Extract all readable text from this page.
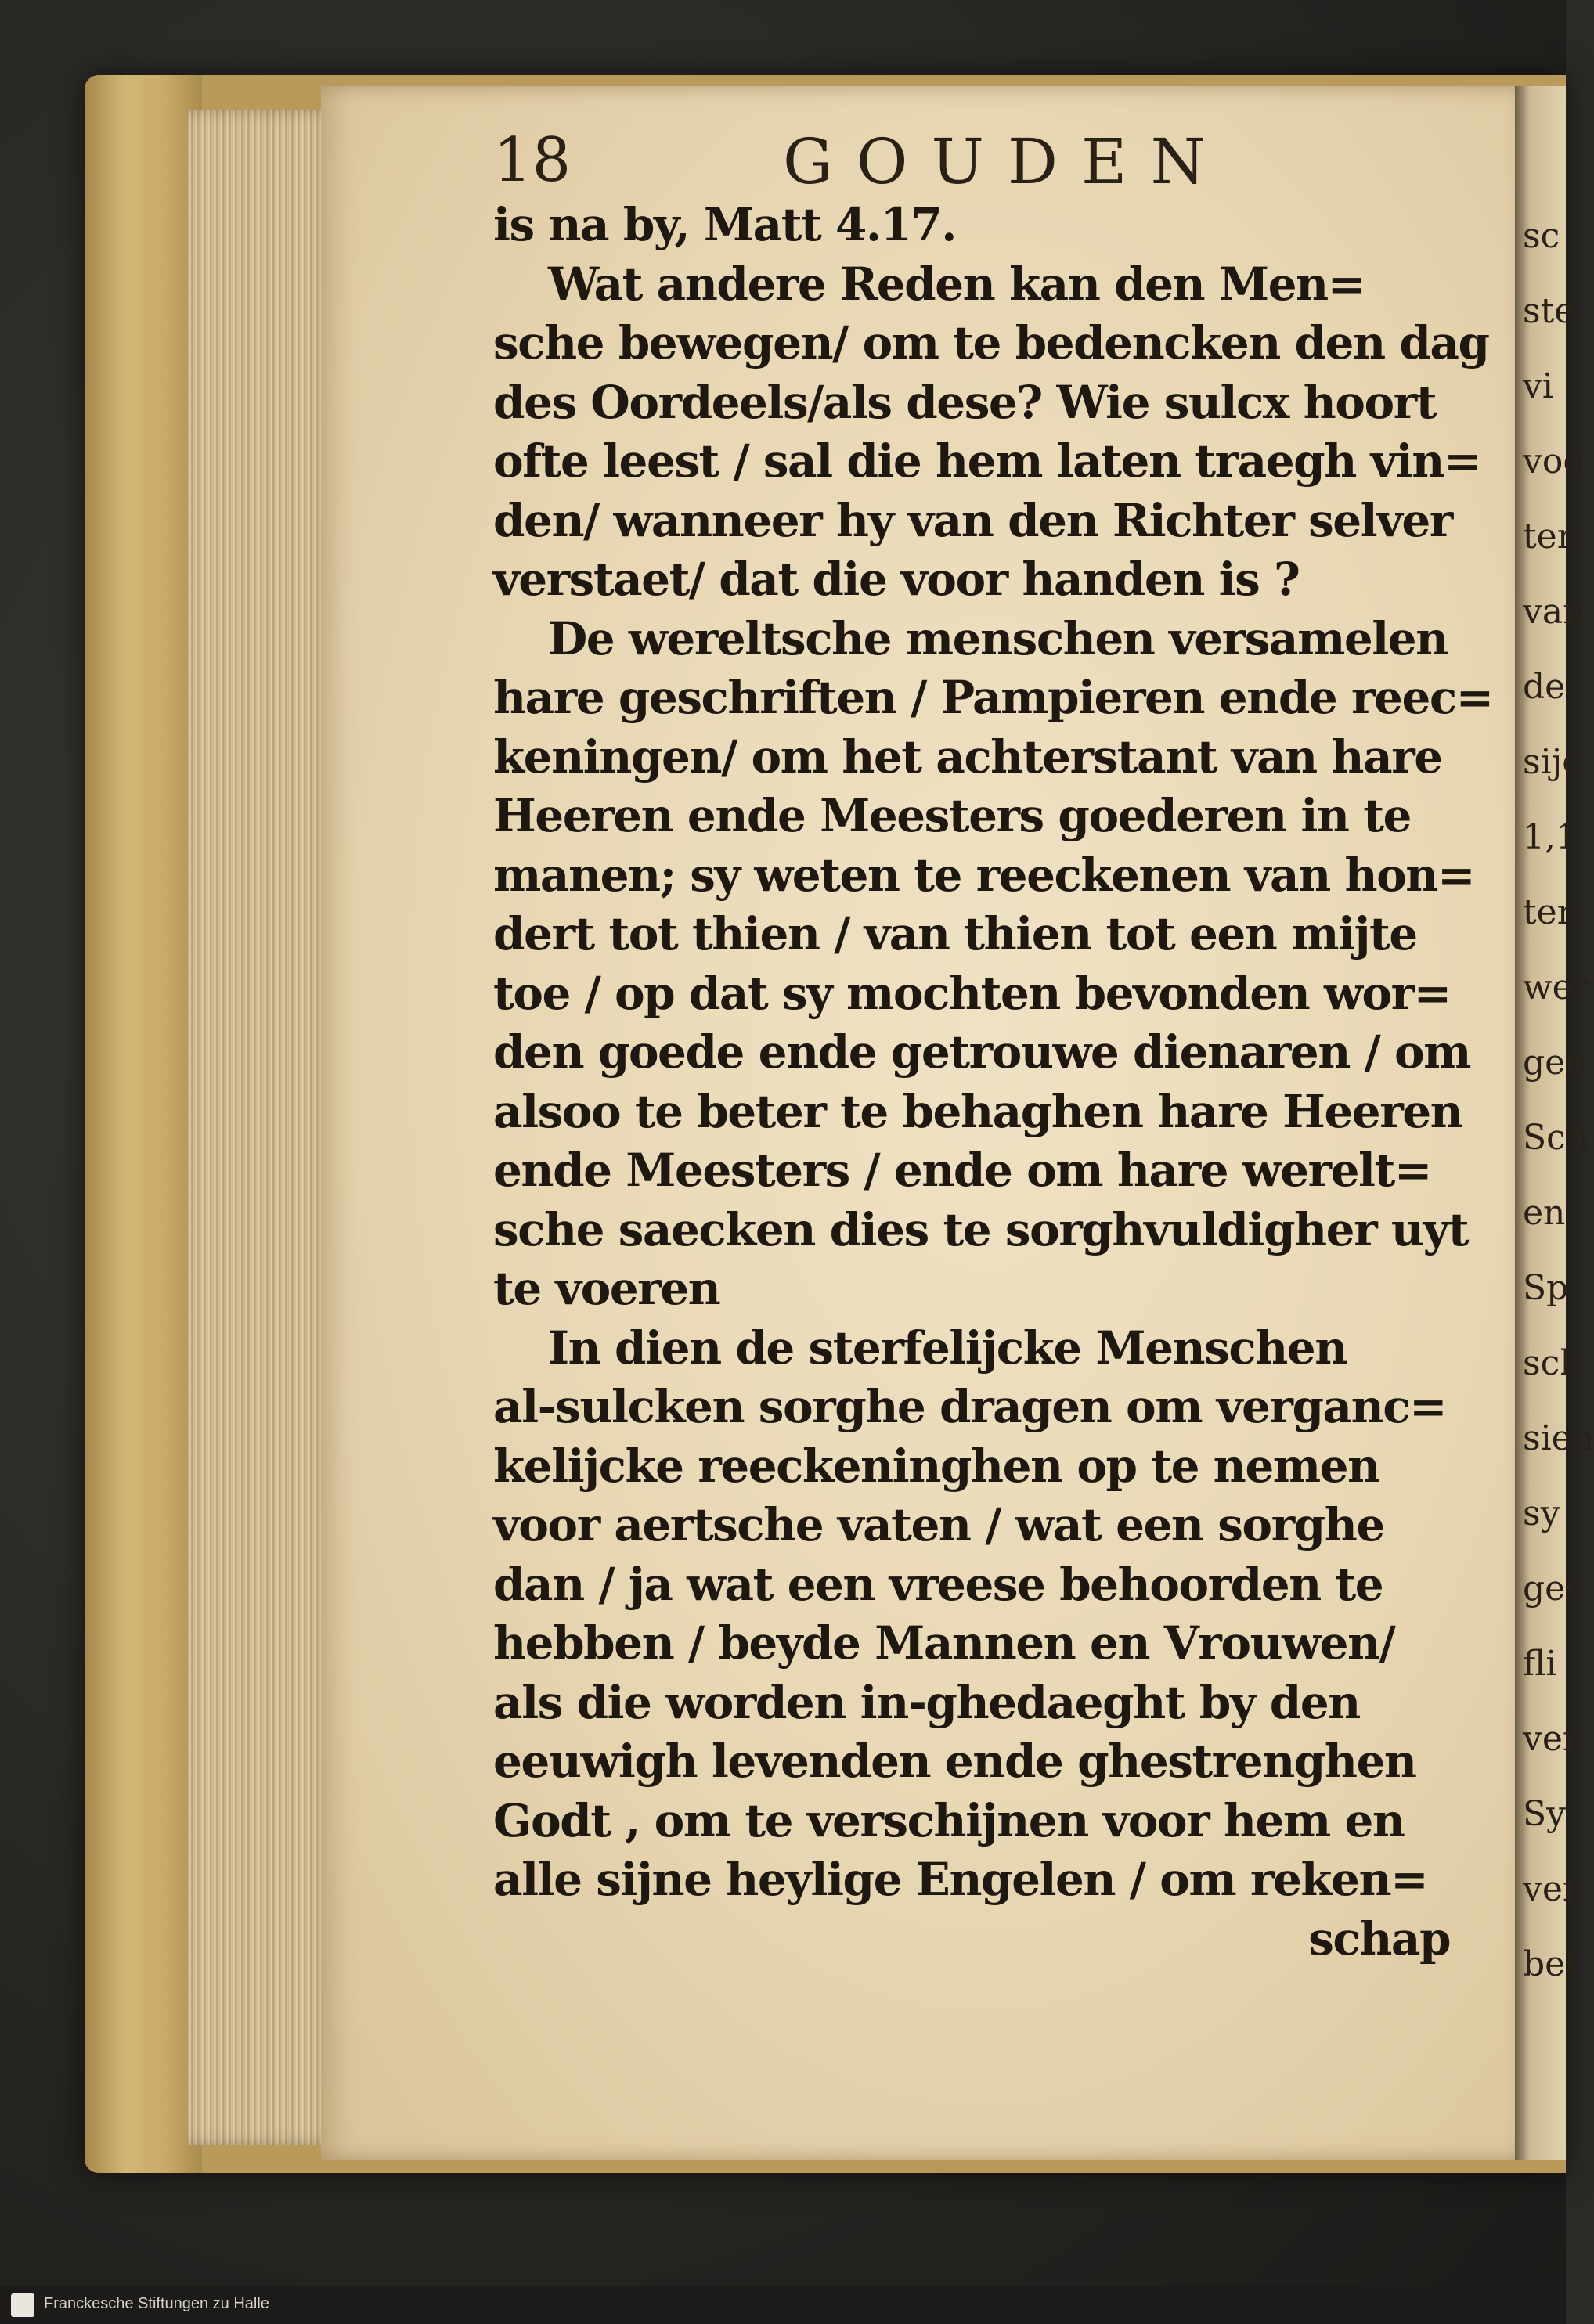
sc
ste
vi
voo
ten
van
de
sijc
1,1
ten
wer
gee
Sch
en
Sp
sch
sien
sy
ges
fli
ver
Sy
ver
bet
18	GOUDEN
is na by, Matt 4.17.
Wat andere Reden kan den Men=
sche bewegen/ om te bedencken den dag
des Oordeels/als dese? Wie sulcx hoort
ofte leest / sal die hem laten traegh vin=
den/ wanneer hy van den Richter selver
verstaet/ dat die voor handen is ?
De wereltsche menschen versamelen
hare geschriften / Pampieren ende reec=
keningen/ om het achterstant van hare
Heeren ende Meesters goederen in te
manen; sy weten te reeckenen van hon=
dert tot thien / van thien tot een mijte
toe / op dat sy mochten bevonden wor=
den goede ende getrouwe dienaren / om
alsoo te beter te behaghen hare Heeren
ende Meesters / ende om hare werelt=
sche saecken dies te sorghvuldigher uyt
te voeren
In dien de sterfelijcke Menschen
al-sulcken sorghe dragen om verganc=
kelijcke reeckeninghen op te nemen
voor aertsche vaten / wat een sorghe
dan / ja wat een vreese behoorden te
hebben / beyde Mannen en Vrouwen/
als die worden in-ghedaeght by den
eeuwigh levenden ende ghestrenghen
Godt , om te verschijnen voor hem en
alle sijne heylige Engelen / om reken=
schap
Franckesche Stiftungen zu Halle
